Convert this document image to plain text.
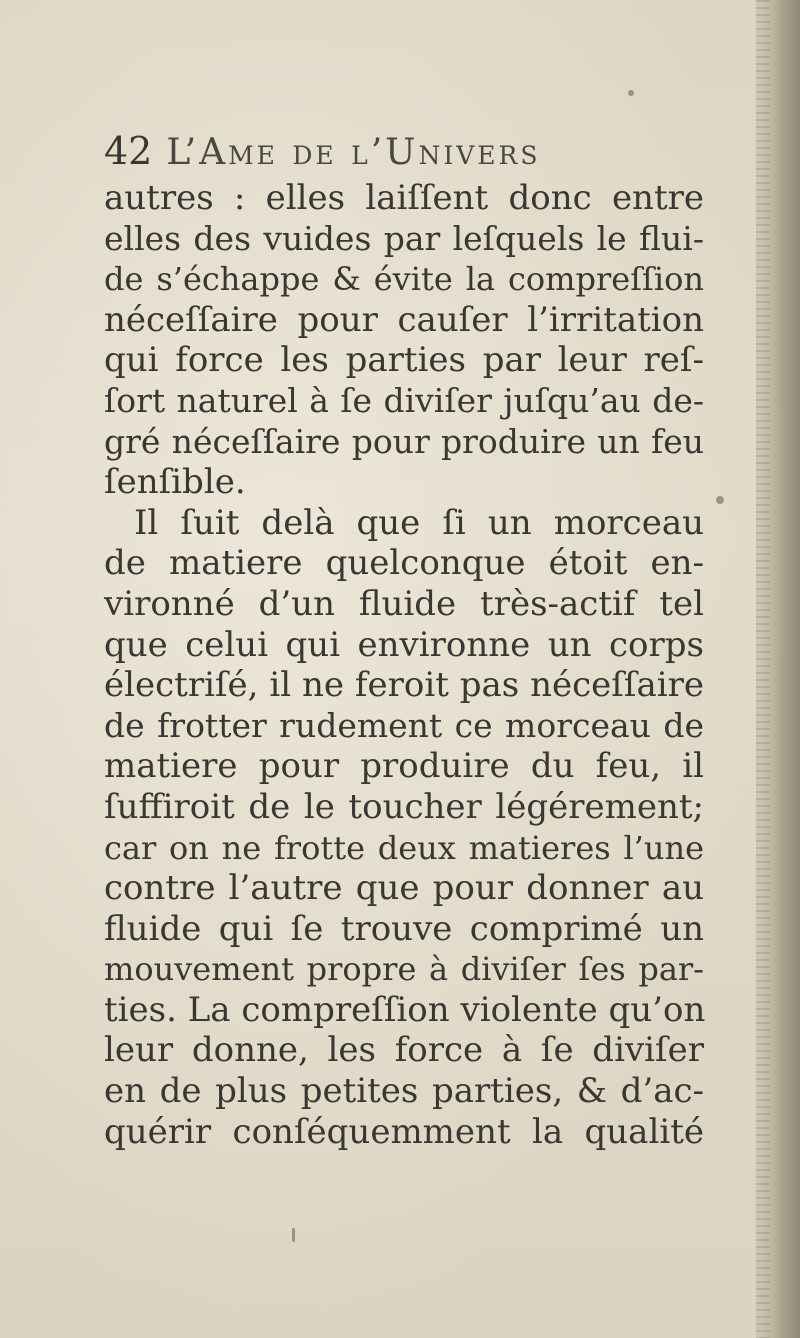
42 L’Ame de l’Univers
autres : elles laiſſent donc entre
elles des vuides par leſquels le flui-
de s’échappe & évite la compreſſion
néceſſaire pour cauſer l’irritation
qui force les parties par leur reſ-
ſort naturel à ſe diviſer juſqu’au de-
gré néceſſaire pour produire un feu
ſenſible.
Il ſuit delà que ſi un morceau
de matiere quelconque étoit en-
vironné d’un fluide très-actif tel
que celui qui environne un corps
électriſé, il ne feroit pas néceſſaire
de frotter rudement ce morceau de
matiere pour produire du feu, il
ſuffiroit de le toucher légérement;
car on ne frotte deux matieres l’une
contre l’autre que pour donner au
fluide qui ſe trouve comprimé un
mouvement propre à diviſer ſes par-
ties. La compreſſion violente qu’on
leur donne, les force à ſe diviſer
en de plus petites parties, & d’ac-
quérir conſéquemment la qualité
